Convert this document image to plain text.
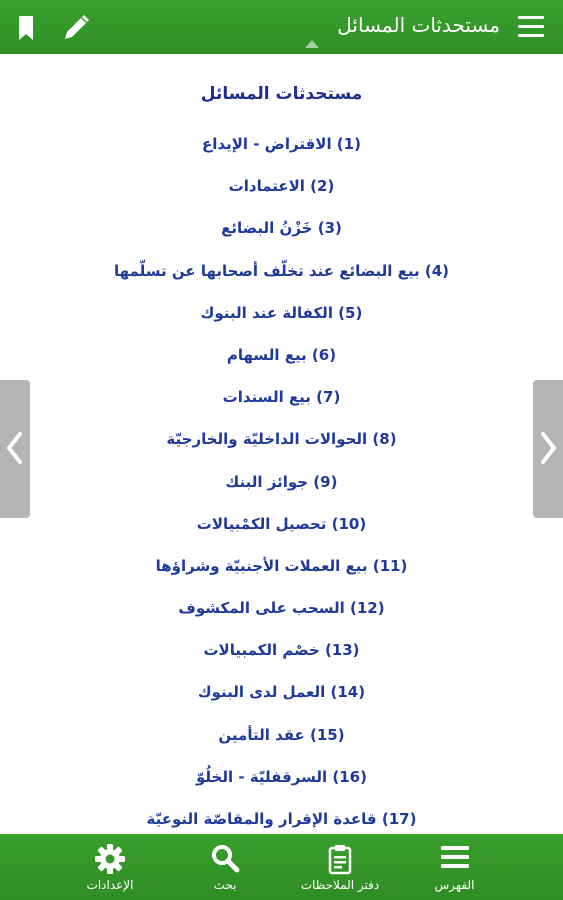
مستحدثات المسائل
مستحدثات المسائل
(1) الاقتراض - الإيداع
(2) الاعتمادات
(3) خَزْنُ البضائع
(4) بيع البضائع عند تخلّف أصحابها عن تسلّمها
(5) الكفالة عند البنوك
(6) بيع السهام
(7) بيع السندات
(8) الحوالات الداخليّة والخارجيّة
(9) جوائز البنك
(10) تحصيل الكمْبيالات
(11) بيع العملات الأجنبيّة وشراؤها
(12) السحب على المكشوف
(13) خصْم الكمبيالات
(14) العمل لدى البنوك
(15) عقد التأمين
(16) السرقفليّة - الخلُوّ
(17) قاعدة الإقرار والمقاصّة النوعيّة
الفهرس
دفتر الملاحظات
بحث
الإعدادات
